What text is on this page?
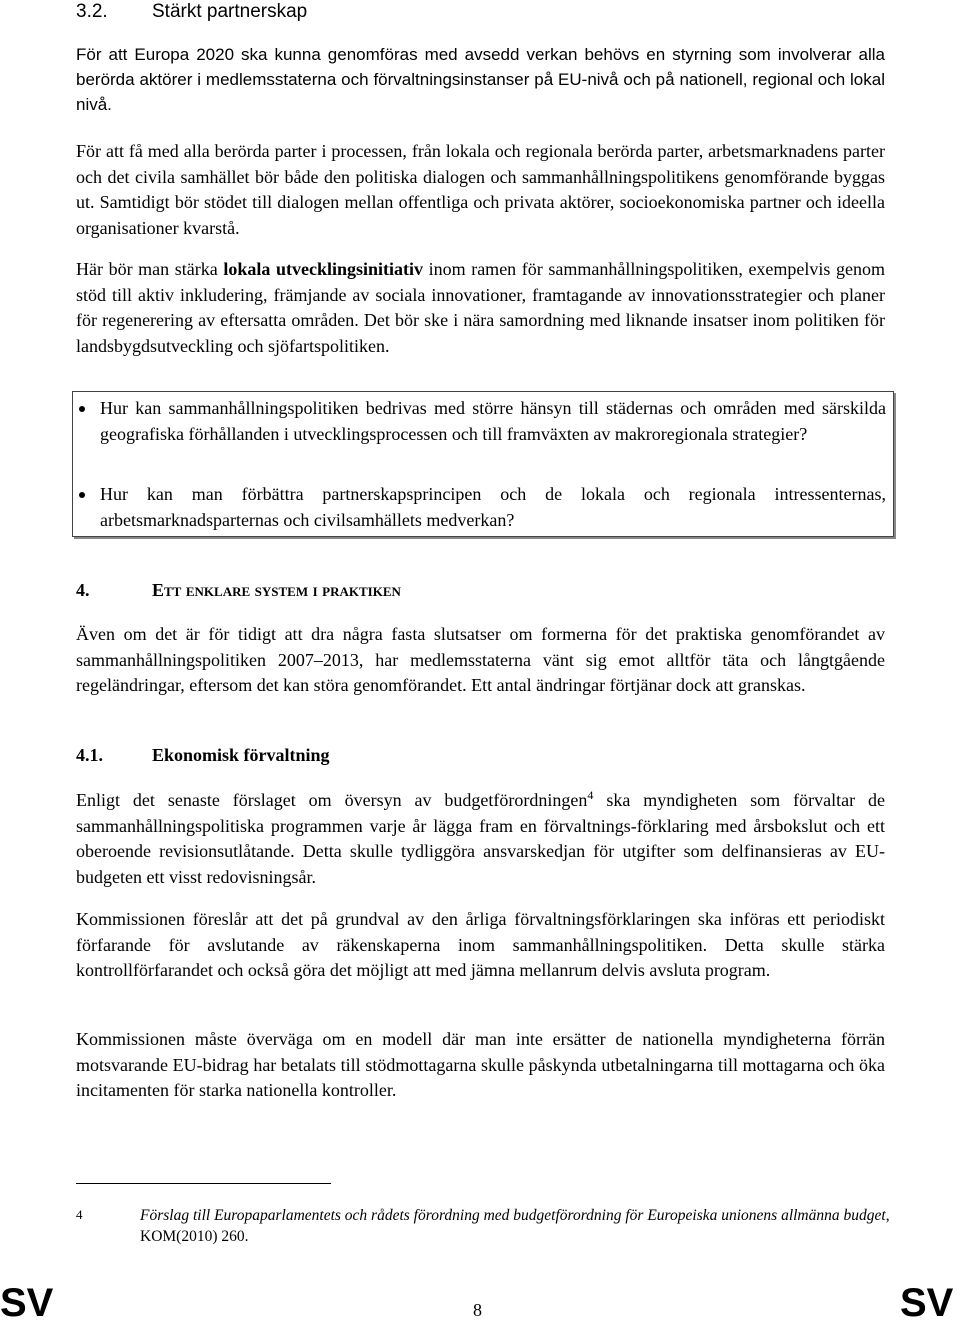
3.2. Stärkt partnerskap

För att Europa 2020 ska kunna genomföras med avsedd verkan behövs en styrning som involverar alla berörda aktörer i medlemsstaterna och förvaltningsinstanser på EU-nivå och på nationell, regional och lokal nivå.

För att få med alla berörda parter i processen, från lokala och regionala berörda parter, arbetsmarknadens parter och det civila samhället bör både den politiska dialogen och sammanhållningspolitikens genomförande byggas ut. Samtidigt bör stödet till dialogen mellan offentliga och privata aktörer, socioekonomiska partner och ideella organisationer kvarstå.

Här bör man stärka lokala utvecklingsinitiativ inom ramen för sammanhållningspolitiken, exempelvis genom stöd till aktiv inkludering, främjande av sociala innovationer, framtagande av innovationsstrategier och planer för regenerering av eftersatta områden. Det bör ske i nära samordning med liknande insatser inom politiken för landsbygdsutveckling och sjöfartspolitiken.

Hur kan sammanhållningspolitiken bedrivas med större hänsyn till städernas och områden med särskilda geografiska förhållanden i utvecklingsprocessen och till framväxten av makroregionala strategier?

Hur kan man förbättra partnerskapsprincipen och de lokala och regionala intressenternas, arbetsmarknadsparternas och civilsamhällets medverkan?

4.	Ett enklare system i praktiken

Även om det är för tidigt att dra några fasta slutsatser om formerna för det praktiska genomförandet av sammanhållningspolitiken 2007–2013, har medlemsstaterna vänt sig emot alltför täta och långtgående regeländringar, eftersom det kan störa genomförandet. Ett antal ändringar förtjänar dock att granskas.

4.1.	Ekonomisk förvaltning

Enligt det senaste förslaget om översyn av budgetförordningen$^4$ ska myndigheten som förvaltar de sammanhållningspolitiska programmen varje år lägga fram en förvaltnings-förklaring med årsbokslut och ett oberoende revisionsutlåtande. Detta skulle tydliggöra ansvarskedjan för utgifter som delfinansieras av EU-budgeten ett visst redovisningsår.

Kommissionen föreslår att det på grundval av den årliga förvaltningsförklaringen ska införas ett periodiskt förfarande för avslutande av räkenskaperna inom sammanhållningspolitiken. Detta skulle stärka kontrollförfarandet och också göra det möjligt att med jämna mellanrum delvis avsluta program.

Kommissionen måste överväga om en modell där man inte ersätter de nationella myndigheterna förrän motsvarande EU-bidrag har betalats till stödmottagarna skulle påskynda utbetalningarna till mottagarna och öka incitamenten för starka nationella kontroller.

4	Förslag till Europaparlamentets och rådets förordning med budgetförordning för Europeiska unionens allmänna budget, KOM(2010) 260.

SV	8	SV
